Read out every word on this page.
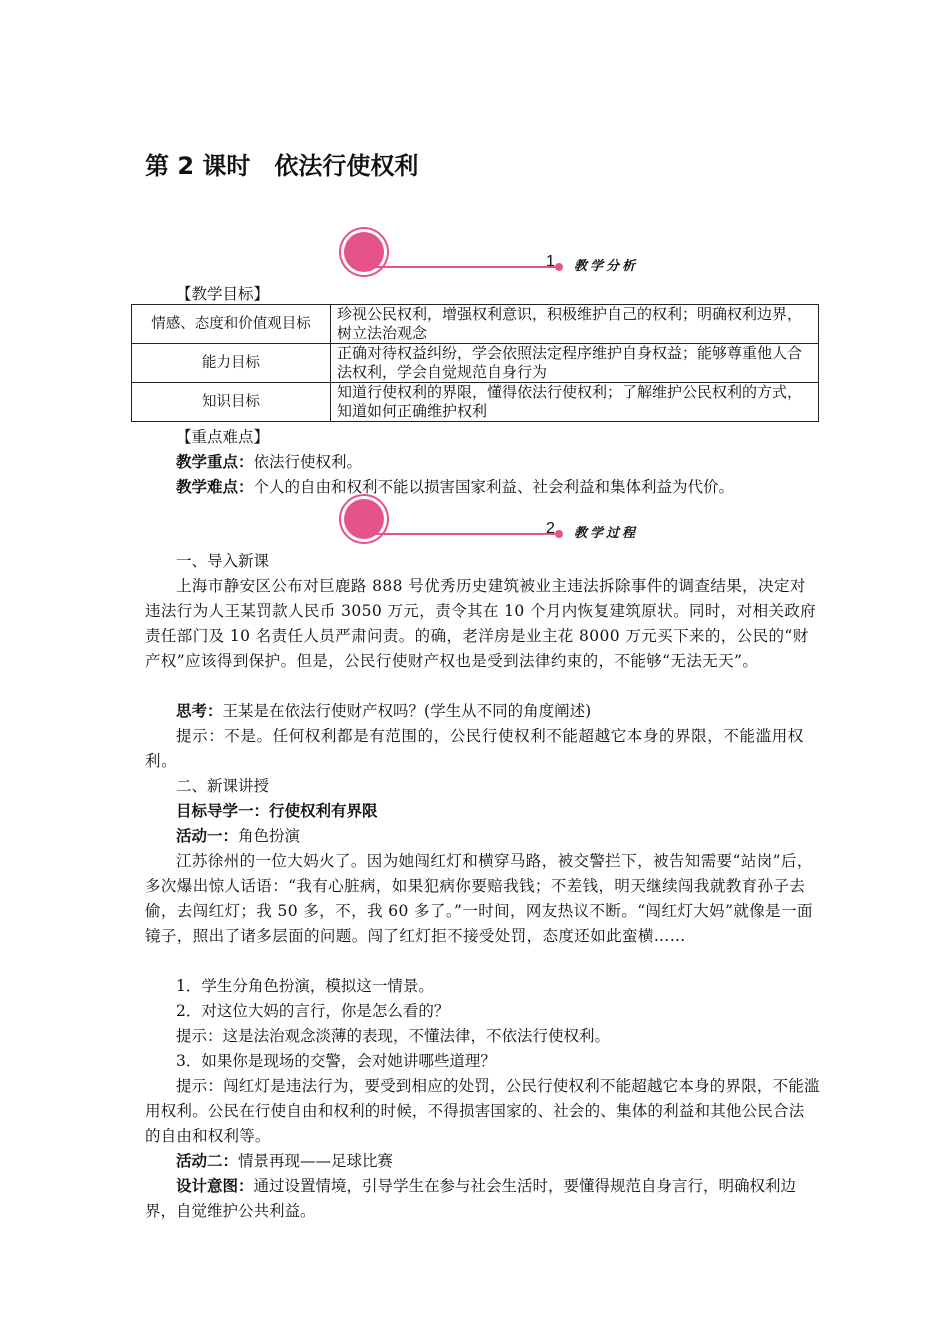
第 2 课时　依法行使权利
1 教学分析

【教学目标】

情感、态度和价值观目标	珍视公民权利，增强权利意识，积极维护自己的权利；明确权利边界，树立法治观念
能力目标	正确对待权益纠纷，学会依照法定程序维护自身权益；能够尊重他人合法权利，学会自觉规范自身行为
知识目标	知道行使权利的界限，懂得依法行使权利；了解维护公民权利的方式，知道如何正确维护权利

【重点难点】

教学重点：依法行使权利。

教学难点：个人的自由和权利不能以损害国家利益、社会利益和集体利益为代价。

2 教学过程

一、导入新课

上海市静安区公布对巨鹿路 888 号优秀历史建筑被业主违法拆除事件的调查结果，决定对违法行为人王某罚款人民币 3050 万元，责令其在 10 个月内恢复建筑原状。同时，对相关政府责任部门及 10 名责任人员严肃问责。的确，老洋房是业主花 8000 万元买下来的，公民的“财产权”应该得到保护。但是，公民行使财产权也是受到法律约束的，不能够“无法无天”。

思考：王某是在依法行使财产权吗？(学生从不同的角度阐述)

提示：不是。任何权利都是有范围的，公民行使权利不能超越它本身的界限，不能滥用权利。

二、新课讲授

目标导学一：行使权利有界限

活动一：角色扮演

江苏徐州的一位大妈火了。因为她闯红灯和横穿马路，被交警拦下，被告知需要“站岗”后，多次爆出惊人话语：“我有心脏病，如果犯病你要赔我钱；不差钱，明天继续闯我就教育孙子去偷，去闯红灯；我 50 多，不，我 60 多了。”一时间，网友热议不断。“闯红灯大妈”就像是一面镜子，照出了诸多层面的问题。闯了红灯拒不接受处罚，态度还如此蛮横……

1．学生分角色扮演，模拟这一情景。

2．对这位大妈的言行，你是怎么看的？

提示：这是法治观念淡薄的表现，不懂法律，不依法行使权利。

3．如果你是现场的交警，会对她讲哪些道理？

提示：闯红灯是违法行为，要受到相应的处罚，公民行使权利不能超越它本身的界限，不能滥用权利。公民在行使自由和权利的时候，不得损害国家的、社会的、集体的利益和其他公民合法的自由和权利等。

活动二：情景再现——足球比赛

设计意图：通过设置情境，引导学生在参与社会生活时，要懂得规范自身言行，明确权利边界，自觉维护公共利益。
